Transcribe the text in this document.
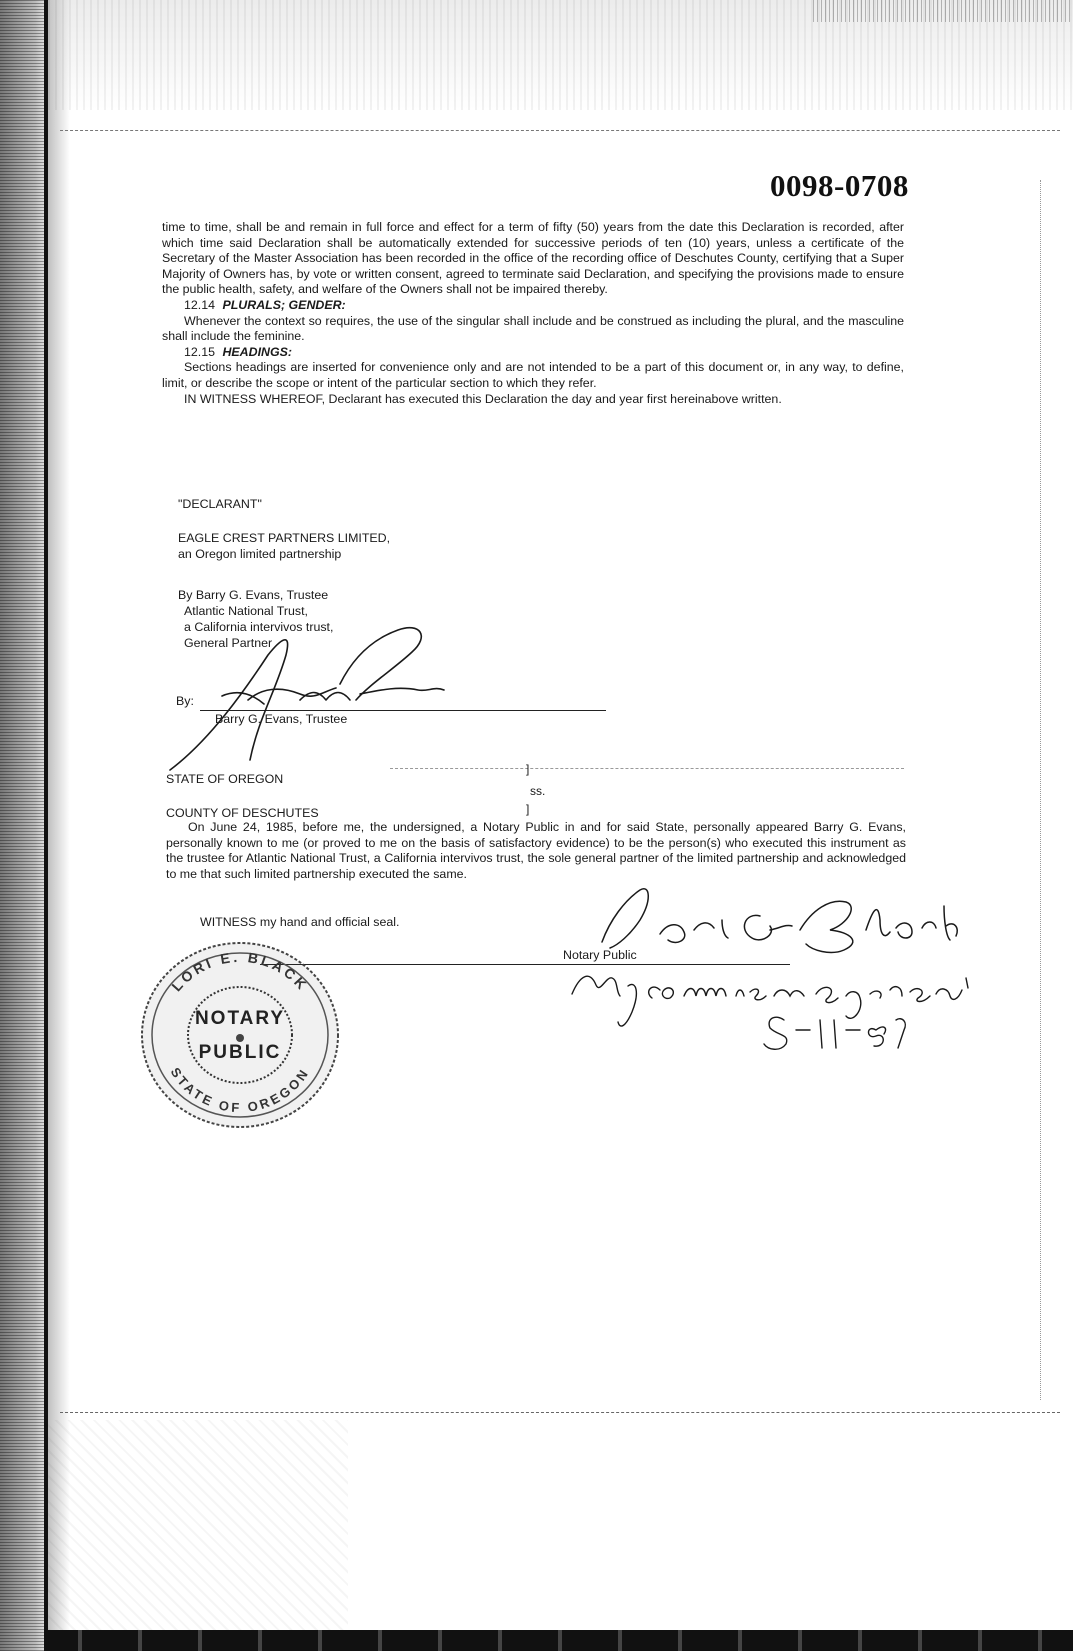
0098-0708

time to time, shall be and remain in full force and effect for a term of fifty (50) years from the date this Declaration is recorded, after which time said Declaration shall be automatically extended for successive periods of ten (10) years, unless a certificate of the Secretary of the Master Association has been recorded in the office of the recording office of Deschutes County, certifying that a Super Majority of Owners has, by vote or written consent, agreed to terminate said Declaration, and specifying the provisions made to ensure the public health, safety, and welfare of the Owners shall not be impaired thereby.

12.14 PLURALS; GENDER:

Whenever the context so requires, the use of the singular shall include and be construed as including the plural, and the masculine shall include the feminine.

12.15 HEADINGS:

Sections headings are inserted for convenience only and are not intended to be a part of this document or, in any way, to define, limit, or describe the scope or intent of the particular section to which they refer.

IN WITNESS WHEREOF, Declarant has executed this Declaration the day and year first hereinabove written.

"DECLARANT"
EAGLE CREST PARTNERS LIMITED,
an Oregon limited partnership
By Barry G. Evans, Trustee
Atlantic National Trust,
a California intervivos trust,
General Partner
By:
Barry G. Evans, Trustee
STATE OF OREGON
]
ss.
]
COUNTY OF DESCHUTES

On June 24, 1985, before me, the undersigned, a Notary Public in and for said State, personally appeared Barry G. Evans, personally known to me (or proved to me on the basis of satisfactory evidence) to be the person(s) who executed this instrument as the trustee for Atlantic National Trust, a California intervivos trust, the sole general partner of the limited partnership and acknowledged to me that such limited partnership executed the same.

WITNESS my hand and official seal.
Notary Public
LORI E. BLACK
STATE OF OREGON
NOTARY
PUBLIC
